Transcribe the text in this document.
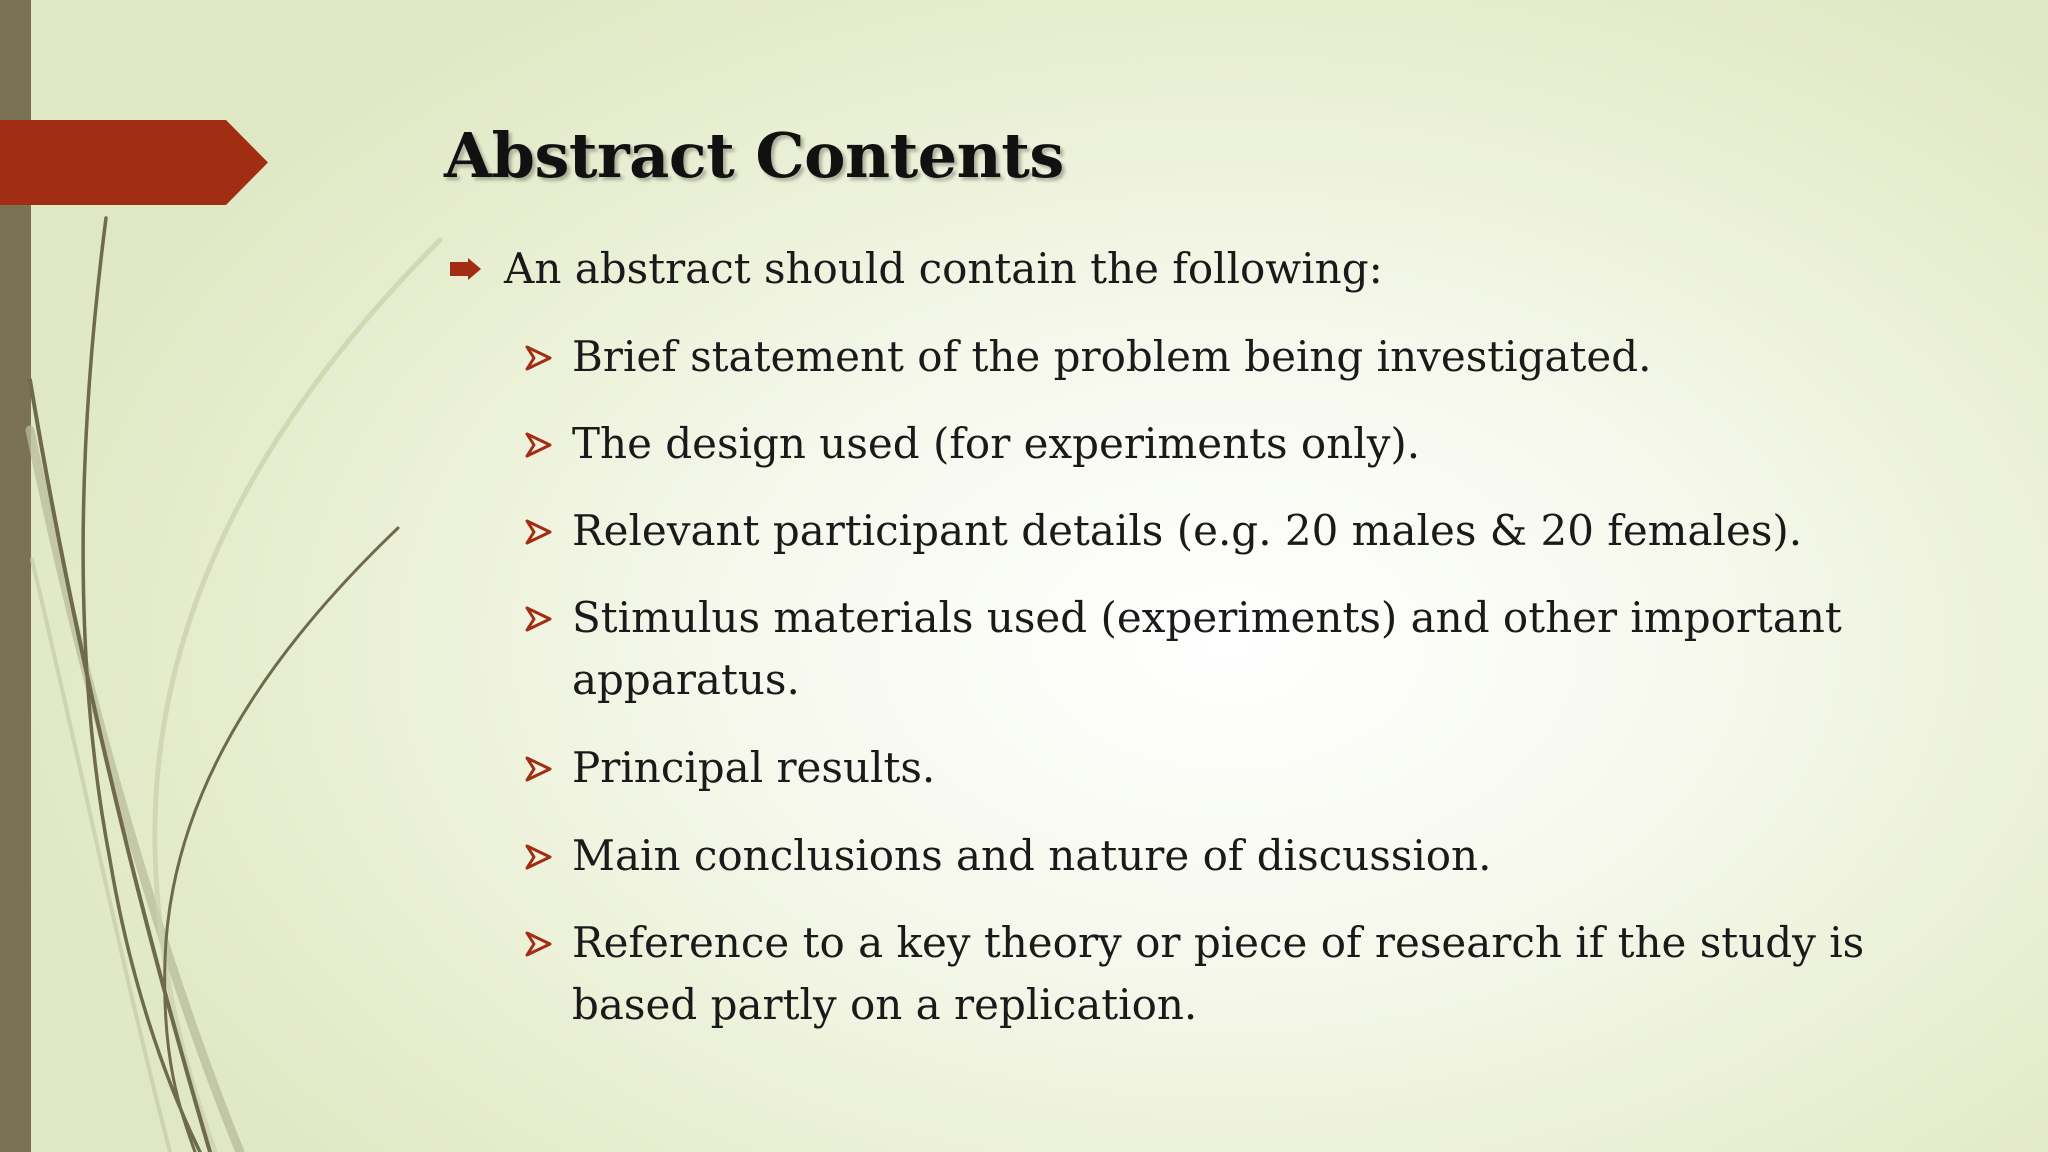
Abstract Contents
An abstract should contain the following:
Brief statement of the problem being investigated.
The design used (for experiments only).
Relevant participant details (e.g. 20 males & 20 females).
Stimulus materials used (experiments) and other important
apparatus.
Principal results.
Main conclusions and nature of discussion.
Reference to a key theory or piece of research if the study is
based partly on a replication.
